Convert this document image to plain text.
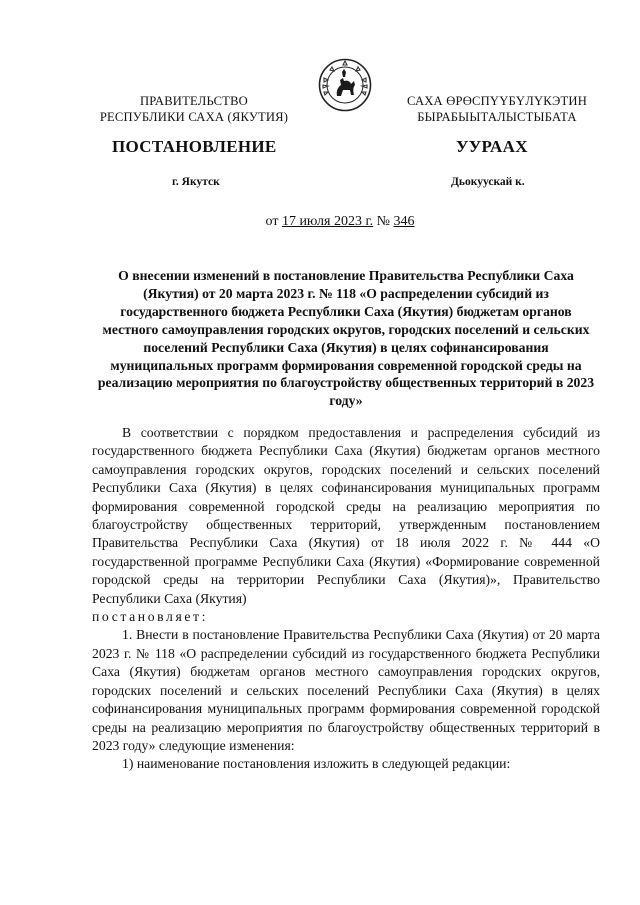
ПРАВИТЕЛЬСТВО
РЕСПУБЛИКИ САХА (ЯКУТИЯ)
САХА ӨРӨСПҮҮБҮЛҮКЭТИН
БЫРАБЫЫТАЛЫСТЫБАТА
ПОСТАНОВЛЕНИЕ	УУРААХ
г. Якутск	Дьокуускай к.
от 17 июля 2023 г. № 346
О внесении изменений в постановление Правительства Республики Саха (Якутия) от 20 марта 2023 г. № 118 «О распределении субсидий из государственного бюджета Республики Саха (Якутия) бюджетам органов местного самоуправления городских округов, городских поселений и сельских поселений Республики Саха (Якутия) в целях софинансирования муниципальных программ формирования современной городской среды на реализацию мероприятия по благоустройству общественных территорий в 2023 году»

В соответствии с порядком предоставления и распределения субсидий из государственного бюджета Республики Саха (Якутия) бюджетам органов местного самоуправления городских округов, городских поселений и сельских поселений Республики Саха (Якутия) в целях софинансирования муниципальных программ формирования современной городской среды на реализацию мероприятия по благоустройству общественных территорий, утвержденным постановлением Правительства Республики Саха (Якутия) от 18 июля 2022 г. № 444 «О государственной программе Республики Саха (Якутия) «Формирование современной городской среды на территории Республики Саха (Якутия)», Правительство Республики Саха (Якутия)

постановляет:

1. Внести в постановление Правительства Республики Саха (Якутия) от 20 марта 2023 г. № 118 «О распределении субсидий из государственного бюджета Республики Саха (Якутия) бюджетам органов местного самоуправления городских округов, городских поселений и сельских поселений Республики Саха (Якутия) в целях софинансирования муниципальных программ формирования современной городской среды на реализацию мероприятия по благоустройству общественных территорий в 2023 году» следующие изменения:

1) наименование постановления изложить в следующей редакции:
